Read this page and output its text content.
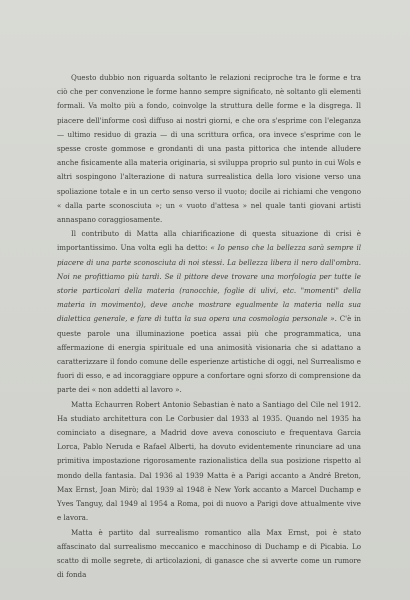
Questo dubbio non riguarda soltanto le relazioni reciproche tra le forme e tra ciò che per convenzione le forme hanno sempre significato, nè soltanto gli elementi formali. Va molto più a fondo, coinvolge la struttura delle forme e la disgrega. Il piacere dell'informe così diffuso ai nostri giorni, e che ora s'esprime con l'eleganza — ultimo residuo di grazia — di una scrittura orfica, ora invece s'esprime con le spesse croste gommose e grondanti di una pasta pittorica che intende alludere anche fisicamente alla materia originaria, si sviluppa proprio sul punto in cui Wols e altri sospingono l'alterazione di natura surrealistica della loro visione verso una spoliazione totale e in un certo senso verso il vuoto; docile ai richiami che vengono « dalla parte sconosciuta »; un « vuoto d'attesa » nel quale tanti giovani artisti annaspano coraggiosamente.

Il contributo di Matta alla chiarificazione di questa situazione di crisi è importantissimo. Una volta egli ha detto: « Io penso che la bellezza sarà sempre il piacere di una parte sconosciuta di noi stessi. La bellezza libera il nero dall'ombra. Noi ne profittiamo più tardi. Se il pittore deve trovare una morfologia per tutte le storie particolari della materia (ranocchie, foglie di ulivi, etc. "momenti" della materia in movimento), deve anche mostrare egualmente la materia nella sua dialettica generale, e fare di tutta la sua opera una cosmologia personale ». C'è in queste parole una illuminazione poetica assai più che programmatica, una affermazione di energia spirituale ed una animosità visionaria che si adattano a caratterizzare il fondo comune delle esperienze artistiche di oggi, nel Surrealismo e fuori di esso, e ad incoraggiare oppure a confortare ogni sforzo di comprensione da parte dei « non addetti al lavoro ».

Matta Echaurren Robert Antonio Sebastian è nato a Santiago del Cile nel 1912. Ha studiato architettura con Le Corbusier dal 1933 al 1935. Quando nel 1935 ha cominciato a disegnare, a Madrid dove aveva conosciuto e frequentava Garcia Lorca, Pablo Neruda e Rafael Alberti, ha dovuto evidentemente rinunciare ad una primitiva impostazione rigorosamente razionalistica della sua posizione rispetto al mondo della fantasia. Dal 1936 al 1939 Matta è a Parigi accanto a André Breton, Max Ernst, Joan Mirò; dal 1939 al 1948 è New York accanto a Marcel Duchamp e Yves Tanguy, dal 1949 al 1954 a Roma, poi di nuovo a Parigi dove attualmente vive e lavora.

Matta è partito dal surrealismo romantico alla Max Ernst, poi è stato affascinato dal surrealismo meccanico e macchinoso di Duchamp e di Picabia. Lo scatto di molle segrete, di articolazioni, di ganasce che si avverte come un rumore di fonda
